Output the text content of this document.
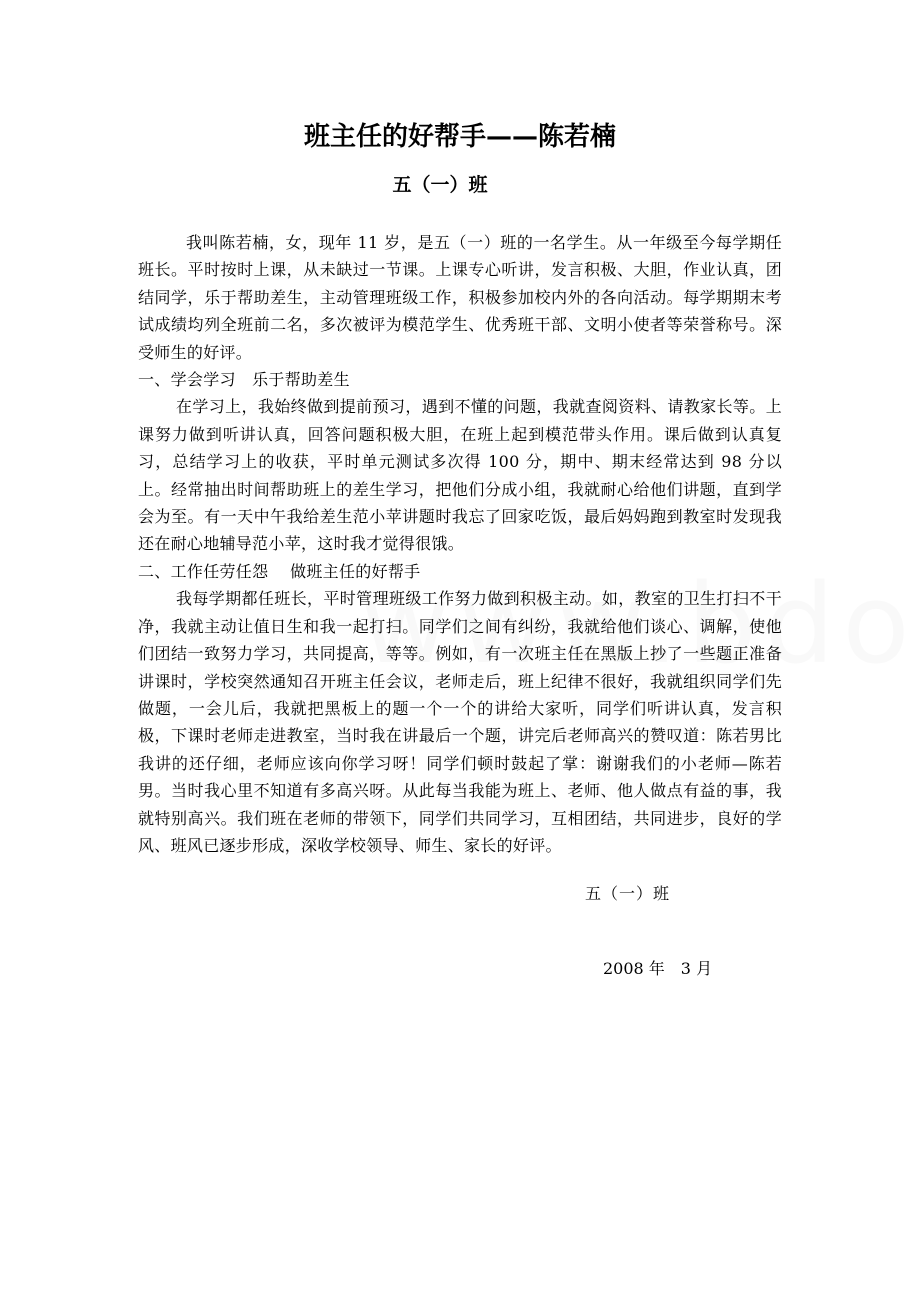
班主任的好帮手——陈若楠
五（一）班

我叫陈若楠，女，现年 11 岁，是五（一）班的一名学生。从一年级至今每学期任班长。平时按时上课，从未缺过一节课。上课专心听讲，发言积极、大胆，作业认真，团结同学，乐于帮助差生，主动管理班级工作，积极参加校内外的各向活动。每学期期末考试成绩均列全班前二名，多次被评为模范学生、优秀班干部、文明小使者等荣誉称号。深受师生的好评。

一、学会学习　乐于帮助差生

在学习上，我始终做到提前预习，遇到不懂的问题，我就查阅资料、请教家长等。上课努力做到听讲认真，回答问题积极大胆，在班上起到模范带头作用。课后做到认真复习，总结学习上的收获，平时单元测试多次得 100 分，期中、期末经常达到 98 分以上。经常抽出时间帮助班上的差生学习，把他们分成小组，我就耐心给他们讲题，直到学会为至。有一天中午我给差生范小苹讲题时我忘了回家吃饭，最后妈妈跑到教室时发现我还在耐心地辅导范小苹，这时我才觉得很饿。

二、工作任劳任怨　 做班主任的好帮手

我每学期都任班长，平时管理班级工作努力做到积极主动。如，教室的卫生打扫不干净，我就主动让值日生和我一起打扫。同学们之间有纠纷，我就给他们谈心、调解，使他们团结一致努力学习，共同提高，等等。例如，有一次班主任在黑版上抄了一些题正准备讲课时，学校突然通知召开班主任会议，老师走后，班上纪律不很好，我就组织同学们先做题，一会儿后，我就把黑板上的题一个一个的讲给大家听，同学们听讲认真，发言积极，下课时老师走进教室，当时我在讲最后一个题，讲完后老师高兴的赞叹道：陈若男比我讲的还仔细，老师应该向你学习呀！同学们顿时鼓起了掌：谢谢我们的小老师—陈若男。当时我心里不知道有多高兴呀。从此每当我能为班上、老师、他人做点有益的事，我就特别高兴。我们班在老师的带领下，同学们共同学习，互相团结，共同进步，良好的学风、班风已逐步形成，深收学校领导、师生、家长的好评。

五（一）班
2008 年　3 月
